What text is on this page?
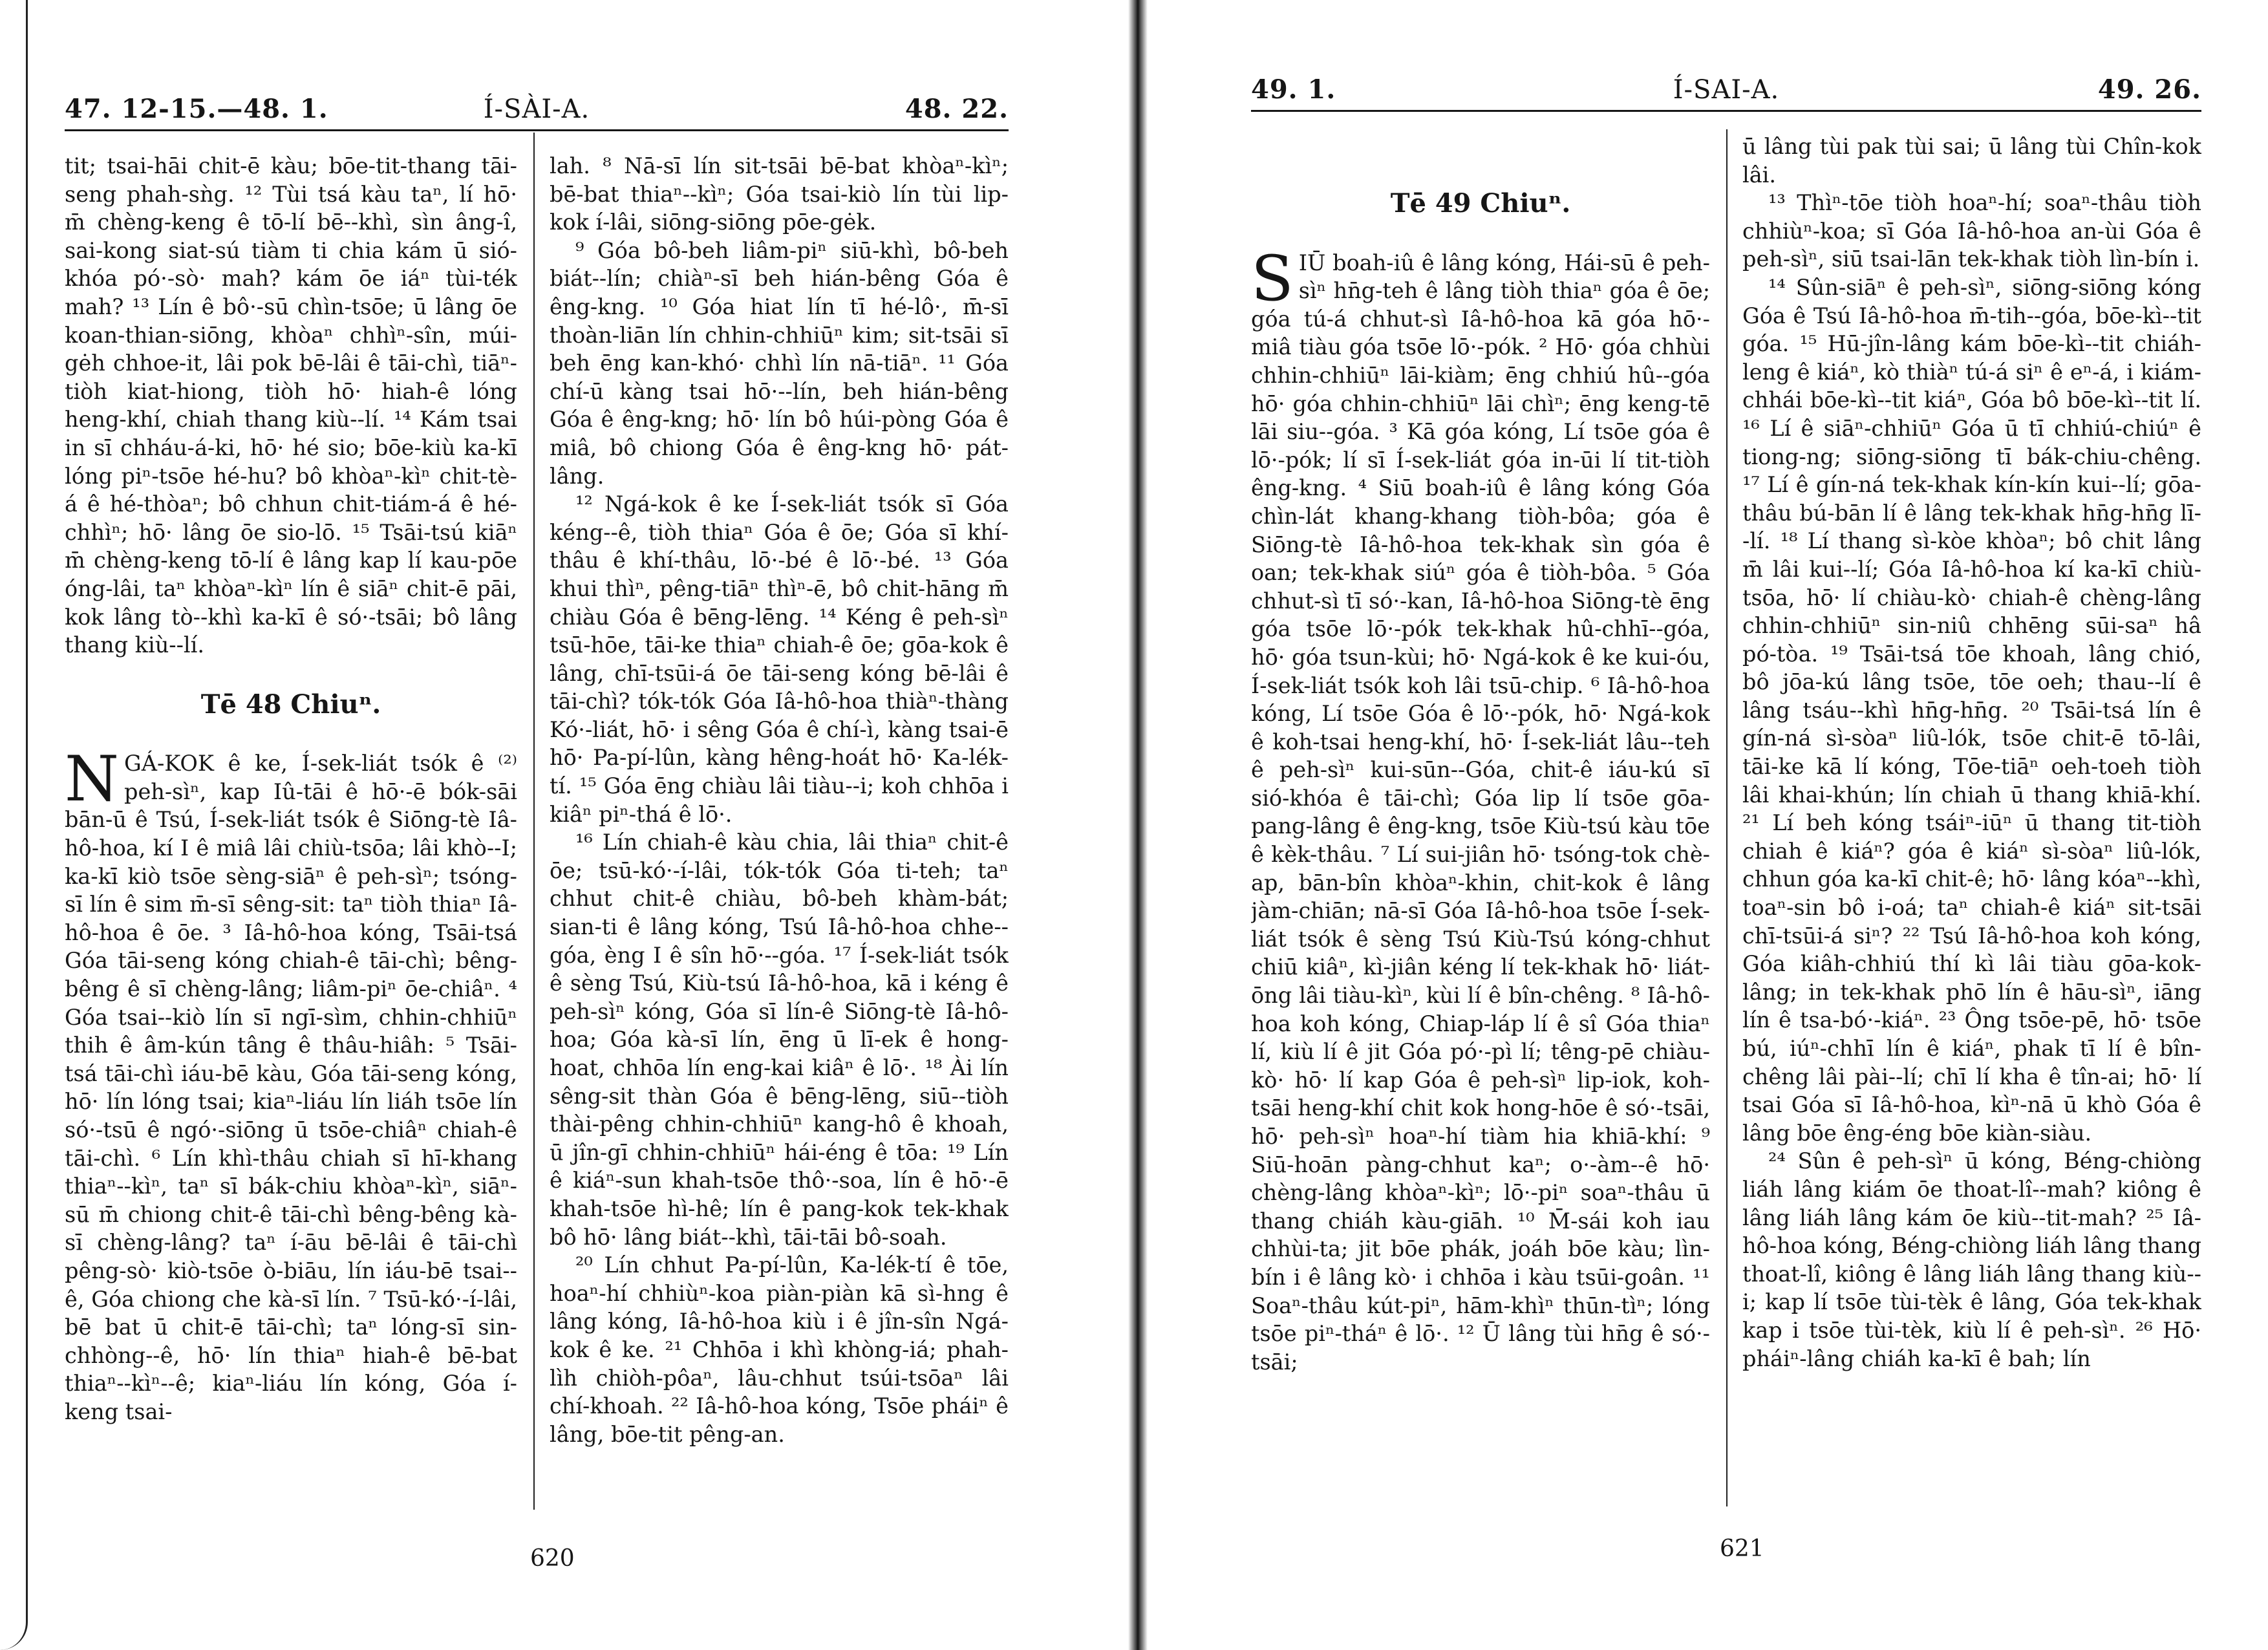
47. 12-15.—48. 1.	Í-SÀI-A.	48. 22.

tit; tsai-hāi chit-ē kàu; bōe-tit-thang tāi-seng phah-sǹg. ¹² Tùi tsá kàu taⁿ, lí hō· m̄ chèng-keng ê tō-lí bē--khì, sìn âng-î, sai-kong siat-sú tiàm ti chia kám ū sió-khóa pó·-sò· mah? kám ōe iáⁿ tùi-ték mah? ¹³ Lín ê bô·-sū chìn-tsōe; ū lâng ōe koan-thian-siōng, khòaⁿ chhìⁿ-sîn, múi-gėh chhoe-it, lâi pok bē-lâi ê tāi-chì, tiāⁿ-tiòh kiat-hiong, tiòh hō· hiah-ê lóng heng-khí, chiah thang kiù--lí. ¹⁴ Kám tsai in sī chháu-á-ki, hō· hé sio; bōe-kiù ka-kī lóng piⁿ-tsōe hé-hu? bô khòaⁿ-kìⁿ chit-tè-á ê hé-thòaⁿ; bô chhun chit-tiám-á ê hé-chhìⁿ; hō· lâng ōe sio-lō. ¹⁵ Tsāi-tsú kiāⁿ m̄ chèng-keng tō-lí ê lâng kap lí kau-pōe óng-lâi, taⁿ khòaⁿ-kìⁿ lín ê siāⁿ chit-ē pāi, kok lâng tò--khì ka-kī ê só·-tsāi; bô lâng thang kiù--lí.

Tē 48 Chiuⁿ.

NGÁ-KOK ê ke, Í-sek-liát tsók ê ⁽²⁾ peh-sìⁿ, kap Iû-tāi ê hō·-ē bók-sāi bān-ū ê Tsú, Í-sek-liát tsók ê Siōng-tè Iâ-hô-hoa, kí I ê miâ lâi chiù-tsōa; lâi khò--I; ka-kī kiò tsōe sèng-siāⁿ ê peh-sìⁿ; tsóng-sī lín ê sim m̄-sī sêng-sit: taⁿ tiòh thiaⁿ Iâ-hô-hoa ê ōe. ³ Iâ-hô-hoa kóng, Tsāi-tsá Góa tāi-seng kóng chiah-ê tāi-chì; bêng-bêng ê sī chèng-lâng; liâm-piⁿ ōe-chiâⁿ. ⁴ Góa tsai--kiò lín sī ngī-sìm, chhin-chhiūⁿ thih ê âm-kún tâng ê thâu-hiâh: ⁵ Tsāi-tsá tāi-chì iáu-bē kàu, Góa tāi-seng kóng, hō· lín lóng tsai; kiaⁿ-liáu lín liáh tsōe lín só·-tsū ê ngó·-siōng ū tsōe-chiâⁿ chiah-ê tāi-chì. ⁶ Lín khì-thâu chiah sī hī-khang thiaⁿ--kìⁿ, taⁿ sī bák-chiu khòaⁿ-kìⁿ, siāⁿ-sū m̄ chiong chit-ê tāi-chì bêng-bêng kà-sī chèng-lâng? taⁿ í-āu bē-lâi ê tāi-chì pêng-sò· kiò-tsōe ò-biāu, lín iáu-bē tsai--ê, Góa chiong che kà-sī lín. ⁷ Tsū-kó·-í-lâi, bē bat ū chit-ē tāi-chì; taⁿ lóng-sī sin-chhòng--ê, hō· lín thiaⁿ hiah-ê bē-bat thiaⁿ--kìⁿ--ê; kiaⁿ-liáu lín kóng, Góa í-keng tsai-

lah. ⁸ Nā-sī lín sit-tsāi bē-bat khòaⁿ-kìⁿ; bē-bat thiaⁿ--kìⁿ; Góa tsai-kiò lín tùi lip-kok í-lâi, siōng-siōng pōe-gėk.

⁹ Góa bô-beh liâm-piⁿ siū-khì, bô-beh biát--lín; chiàⁿ-sī beh hián-bêng Góa ê êng-kng. ¹⁰ Góa hiat lín tī hé-lô·, m̄-sī thoàn-liān lín chhin-chhiūⁿ kim; sit-tsāi sī beh ēng kan-khó· chhì lín nā-tiāⁿ. ¹¹ Góa chí-ū kàng tsai hō·--lín, beh hián-bêng Góa ê êng-kng; hō· lín bô húi-pòng Góa ê miâ, bô chiong Góa ê êng-kng hō· pát-lâng.

¹² Ngá-kok ê ke Í-sek-liát tsók sī Góa kéng--ê, tiòh thiaⁿ Góa ê ōe; Góa sī khí-thâu ê khí-thâu, lō·-bé ê lō·-bé. ¹³ Góa khui thìⁿ, pêng-tiāⁿ thìⁿ-ē, bô chit-hāng m̄ chiàu Góa ê bēng-lēng. ¹⁴ Kéng ê peh-sìⁿ tsū-hōe, tāi-ke thiaⁿ chiah-ê ōe; gōa-kok ê lâng, chī-tsūi-á ōe tāi-seng kóng bē-lâi ê tāi-chì? tók-tók Góa Iâ-hô-hoa thiàⁿ-thàng Kó·-liát, hō· i sêng Góa ê chí-ì, kàng tsai-ē hō· Pa-pí-lûn, kàng hêng-hoát hō· Ka-lék-tí. ¹⁵ Góa ēng chiàu lâi tiàu--i; koh chhōa i kiâⁿ piⁿ-thá ê lō·.

¹⁶ Lín chiah-ê kàu chia, lâi thiaⁿ chit-ê ōe; tsū-kó·-í-lâi, tók-tók Góa ti-teh; taⁿ chhut chit-ê chiàu, bô-beh khàm-bát; sian-ti ê lâng kóng, Tsú Iâ-hô-hoa chhe--góa, èng I ê sîn hō·--góa. ¹⁷ Í-sek-liát tsók ê sèng Tsú, Kiù-tsú Iâ-hô-hoa, kā i kéng ê peh-sìⁿ kóng, Góa sī lín-ê Siōng-tè Iâ-hô-hoa; Góa kà-sī lín, ēng ū lī-ek ê hong-hoat, chhōa lín eng-kai kiâⁿ ê lō·. ¹⁸ Ài lín sêng-sit thàn Góa ê bēng-lēng, siū--tiòh thài-pêng chhin-chhiūⁿ kang-hô ê khoah, ū jîn-gī chhin-chhiūⁿ hái-éng ê tōa: ¹⁹ Lín ê kiáⁿ-sun khah-tsōe thô·-soa, lín ê hō·-ē khah-tsōe hì-hê; lín ê pang-kok tek-khak bô hō· lâng biát--khì, tāi-tāi bô-soah.

²⁰ Lín chhut Pa-pí-lûn, Ka-lék-tí ê tōe, hoaⁿ-hí chhiùⁿ-koa piàn-piàn kā sì-hng ê lâng kóng, Iâ-hô-hoa kiù i ê jîn-sîn Ngá-kok ê ke. ²¹ Chhōa i khì khòng-iá; phah-lìh chiòh-pôaⁿ, lâu-chhut tsúi-tsōaⁿ lâi chí-khoah. ²² Iâ-hô-hoa kóng, Tsōe pháiⁿ ê lâng, bōe-tit pêng-an.

620
49. 1.	Í-SAI-A.	49. 26.
Tē 49 Chiuⁿ.

SIŪ boah-iû ê lâng kóng, Hái-sū ê peh-sìⁿ hn̄g-teh ê lâng tiòh thiaⁿ góa ê ōe; góa tú-á chhut-sì Iâ-hô-hoa kā góa hō·-miâ tiàu góa tsōe lō·-pók. ² Hō· góa chhùi chhin-chhiūⁿ lāi-kiàm; ēng chhiú hû--góa hō· góa chhin-chhiūⁿ lāi chìⁿ; ēng keng-tē lāi siu--góa. ³ Kā góa kóng, Lí tsōe góa ê lō·-pók; lí sī Í-sek-liát góa in-ūi lí tit-tiòh êng-kng. ⁴ Siū boah-iû ê lâng kóng Góa chìn-lát khang-khang tiòh-bôa; góa ê Siōng-tè Iâ-hô-hoa tek-khak sìn góa ê oan; tek-khak siúⁿ góa ê tiòh-bôa. ⁵ Góa chhut-sì tī só·-kan, Iâ-hô-hoa Siōng-tè ēng góa tsōe lō·-pók tek-khak hû-chhī--góa, hō· góa tsun-kùi; hō· Ngá-kok ê ke kui-óu, Í-sek-liát tsók koh lâi tsū-chip. ⁶ Iâ-hô-hoa kóng, Lí tsōe Góa ê lō·-pók, hō· Ngá-kok ê koh-tsai heng-khí, hō· Í-sek-liát lâu--teh ê peh-sìⁿ kui-sūn--Góa, chit-ê iáu-kú sī sió-khóa ê tāi-chì; Góa lip lí tsōe gōa-pang-lâng ê êng-kng, tsōe Kiù-tsú kàu tōe ê kèk-thâu. ⁷ Lí sui-jiân hō· tsóng-tok chè-ap, bān-bîn khòaⁿ-khin, chit-kok ê lâng jàm-chiān; nā-sī Góa Iâ-hô-hoa tsōe Í-sek-liát tsók ê sèng Tsú Kiù-Tsú kóng-chhut chiū kiâⁿ, kì-jiân kéng lí tek-khak hō· liát-ōng lâi tiàu-kìⁿ, kùi lí ê bîn-chêng. ⁸ Iâ-hô-hoa koh kóng, Chiap-láp lí ê sî Góa thiaⁿ lí, kiù lí ê jit Góa pó·-pì lí; têng-pē chiàu-kò· hō· lí kap Góa ê peh-sìⁿ lip-iok, koh-tsāi heng-khí chit kok hong-hōe ê só·-tsāi, hō· peh-sìⁿ hoaⁿ-hí tiàm hia khiā-khí: ⁹ Siū-hoān pàng-chhut kaⁿ; o·-àm--ê hō· chèng-lâng khòaⁿ-kìⁿ; lō·-piⁿ soaⁿ-thâu ū thang chiáh kàu-giāh. ¹⁰ M̄-sái koh iau chhùi-ta; jit bōe phák, joáh bōe kàu; lìn-bín i ê lâng kò· i chhōa i kàu tsūi-goân. ¹¹ Soaⁿ-thâu kút-piⁿ, hām-khìⁿ thūn-tìⁿ; lóng tsōe piⁿ-tháⁿ ê lō·. ¹² Ū lâng tùi hn̄g ê só·-tsāi;

ū lâng tùi pak tùi sai; ū lâng tùi Chîn-kok lâi.

¹³ Thìⁿ-tōe tiòh hoaⁿ-hí; soaⁿ-thâu tiòh chhiùⁿ-koa; sī Góa Iâ-hô-hoa an-ùi Góa ê peh-sìⁿ, siū tsai-lān tek-khak tiòh lìn-bín i.

¹⁴ Sûn-siāⁿ ê peh-sìⁿ, siōng-siōng kóng Góa ê Tsú Iâ-hô-hoa m̄-tih--góa, bōe-kì--tit góa. ¹⁵ Hū-jîn-lâng kám bōe-kì--tit chiáh-leng ê kiáⁿ, kò thiàⁿ tú-á siⁿ ê eⁿ-á, i kiám-chhái bōe-kì--tit kiáⁿ, Góa bô bōe-kì--tit lí. ¹⁶ Lí ê siāⁿ-chhiūⁿ Góa ū tī chhiú-chiúⁿ ê tiong-ng; siōng-siōng tī bák-chiu-chêng. ¹⁷ Lí ê gín-ná tek-khak kín-kín kui--lí; gōa-thâu bú-bān lí ê lâng tek-khak hn̄g-hn̄g lī--lí. ¹⁸ Lí thang sì-kòe khòaⁿ; bô chit lâng m̄ lâi kui--lí; Góa Iâ-hô-hoa kí ka-kī chiù-tsōa, hō· lí chiàu-kò· chiah-ê chèng-lâng chhin-chhiūⁿ sin-niû chhēng sūi-saⁿ hâ pó-tòa. ¹⁹ Tsāi-tsá tōe khoah, lâng chió, bô jōa-kú lâng tsōe, tōe oeh; thau--lí ê lâng tsáu--khì hn̄g-hn̄g. ²⁰ Tsāi-tsá lín ê gín-ná sì-sòaⁿ liû-lók, tsōe chit-ē tō-lâi, tāi-ke kā lí kóng, Tōe-tiāⁿ oeh-toeh tiòh lâi khai-khún; lín chiah ū thang khiā-khí. ²¹ Lí beh kóng tsáiⁿ-iūⁿ ū thang tit-tiòh chiah ê kiáⁿ? góa ê kiáⁿ sì-sòaⁿ liû-lók, chhun góa ka-kī chit-ê; hō· lâng kóaⁿ--khì, toaⁿ-sin bô i-oá; taⁿ chiah-ê kiáⁿ sit-tsāi chī-tsūi-á siⁿ? ²² Tsú Iâ-hô-hoa koh kóng, Góa kiâh-chhiú thí kì lâi tiàu gōa-kok-lâng; in tek-khak phō lín ê hāu-sìⁿ, iāng lín ê tsa-bó·-kiáⁿ. ²³ Ông tsōe-pē, hō· tsōe bú, iúⁿ-chhī lín ê kiáⁿ, phak tī lí ê bîn-chêng lâi pài--lí; chī lí kha ê tîn-ai; hō· lí tsai Góa sī Iâ-hô-hoa, kìⁿ-nā ū khò Góa ê lâng bōe êng-éng bōe kiàn-siàu.

²⁴ Sûn ê peh-sìⁿ ū kóng, Béng-chiòng liáh lâng kiám ōe thoat-lî--mah? kiông ê lâng liáh lâng kám ōe kiù--tit-mah? ²⁵ Iâ-hô-hoa kóng, Béng-chiòng liáh lâng thang thoat-lî, kiông ê lâng liáh lâng thang kiù--i; kap lí tsōe tùi-tèk ê lâng, Góa tek-khak kap i tsōe tùi-tèk, kiù lí ê peh-sìⁿ. ²⁶ Hō· pháiⁿ-lâng chiáh ka-kī ê bah; lín

621
